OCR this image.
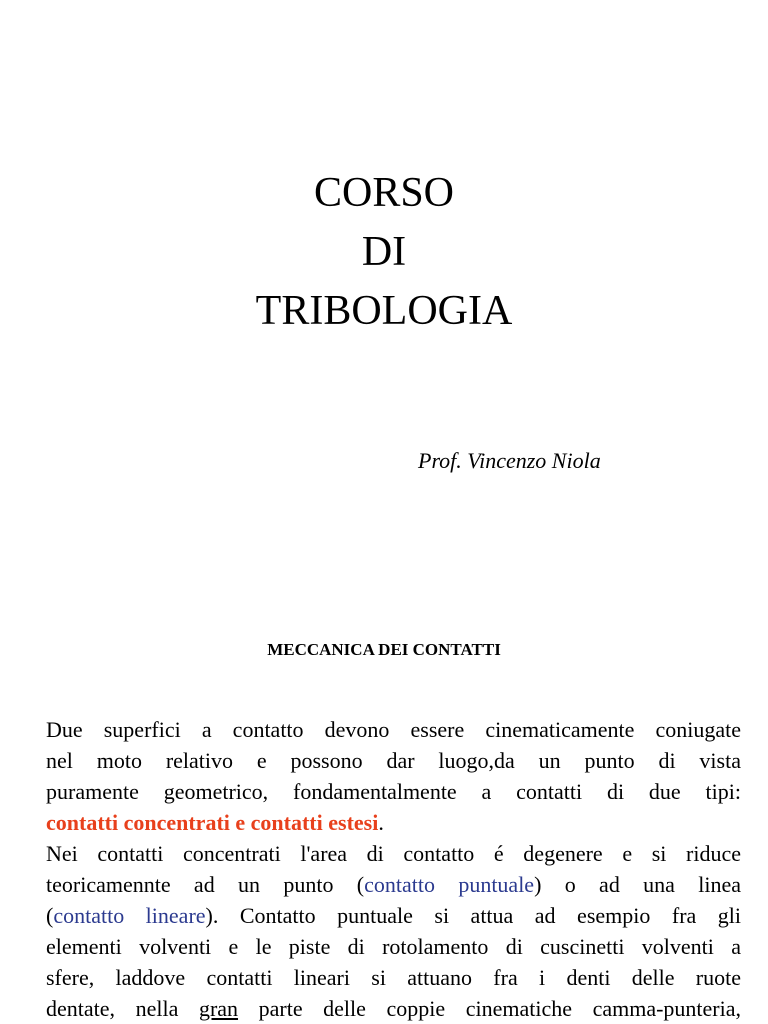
CORSO
DI
TRIBOLOGIA
Prof. Vincenzo Niola
MECCANICA DEI CONTATTI
Due superfici a contatto devono essere cinematicamente coniugate
nel moto relativo e possono dar luogo,da un punto di vista
puramente geometrico, fondamentalmente a contatti di due tipi:
contatti concentrati e contatti estesi.
Nei contatti concentrati l'area di contatto é degenere e si riduce
teoricamennte ad un punto (contatto puntuale) o ad una linea
(contatto lineare). Contatto puntuale si attua ad esempio fra gli
elementi volventi e le piste di rotolamento di cuscinetti volventi a
sfere, laddove contatti lineari si attuano fra i denti delle ruote
dentate, nella gran parte delle coppie cinematiche camma-punteria,
